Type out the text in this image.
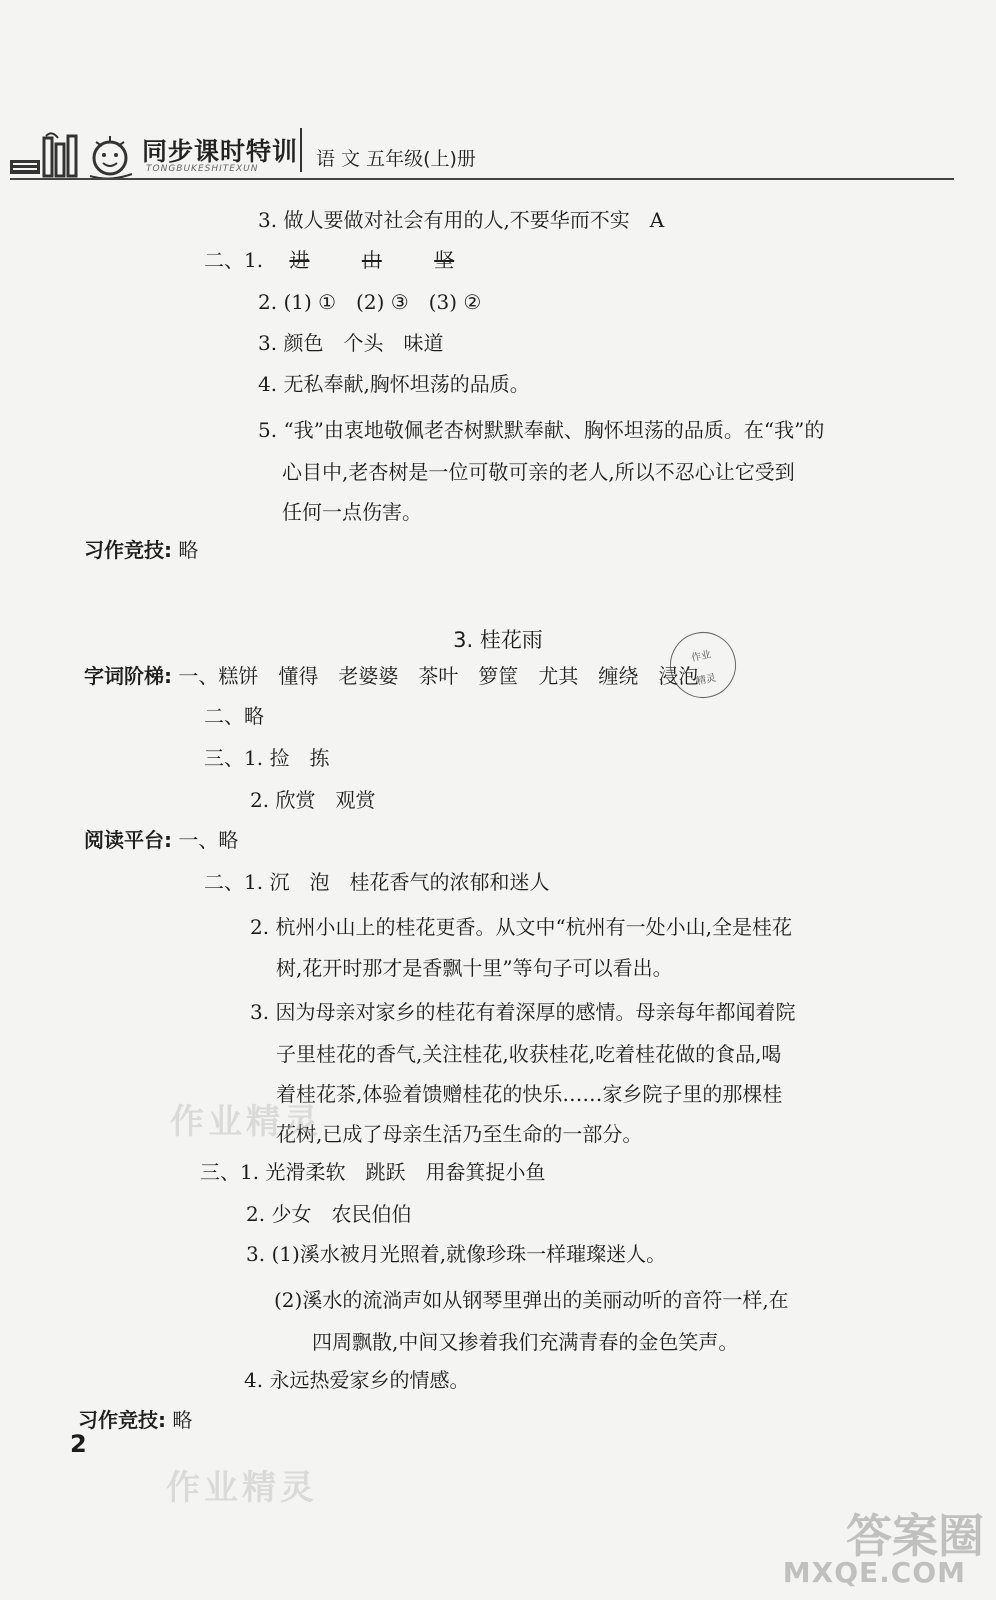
同步课时特训
TONGBUKESHITEXUN	语 文 五年级(上)册
3. 做人要做对社会有用的人,不要华而不实　A
二、1. 进	由	坚
2. (1) ①　(2) ③　(3) ②
3. 颜色　个头　味道
4. 无私奉献,胸怀坦荡的品质。
5. “我”由衷地敬佩老杏树默默奉献、胸怀坦荡的品质。在“我”的
心目中,老杏树是一位可敬可亲的老人,所以不忍心让它受到
任何一点伤害。
习作竞技: 略
3. 桂花雨
作业
精灵
字词阶梯: 一、糕饼　懂得　老婆婆　茶叶　箩筐　尤其　缠绕　浸泡
二、略
三、1. 捡　拣
2. 欣赏　观赏
阅读平台: 一、略
二、1. 沉　泡　桂花香气的浓郁和迷人
2. 杭州小山上的桂花更香。从文中“杭州有一处小山,全是桂花
树,花开时那才是香飘十里”等句子可以看出。
3. 因为母亲对家乡的桂花有着深厚的感情。母亲每年都闻着院
子里桂花的香气,关注桂花,收获桂花,吃着桂花做的食品,喝
着桂花茶,体验着馈赠桂花的快乐……家乡院子里的那棵桂
花树,已成了母亲生活乃至生命的一部分。
三、1. 光滑柔软　跳跃　用畚箕捉小鱼
2. 少女　农民伯伯
3. (1)溪水被月光照着,就像珍珠一样璀璨迷人。
(2)溪水的流淌声如从钢琴里弹出的美丽动听的音符一样,在
四周飘散,中间又掺着我们充满青春的金色笑声。
4. 永远热爱家乡的情感。
习作竞技: 略
2
作业精灵
作业精灵
答案圈
MXQE.COM
